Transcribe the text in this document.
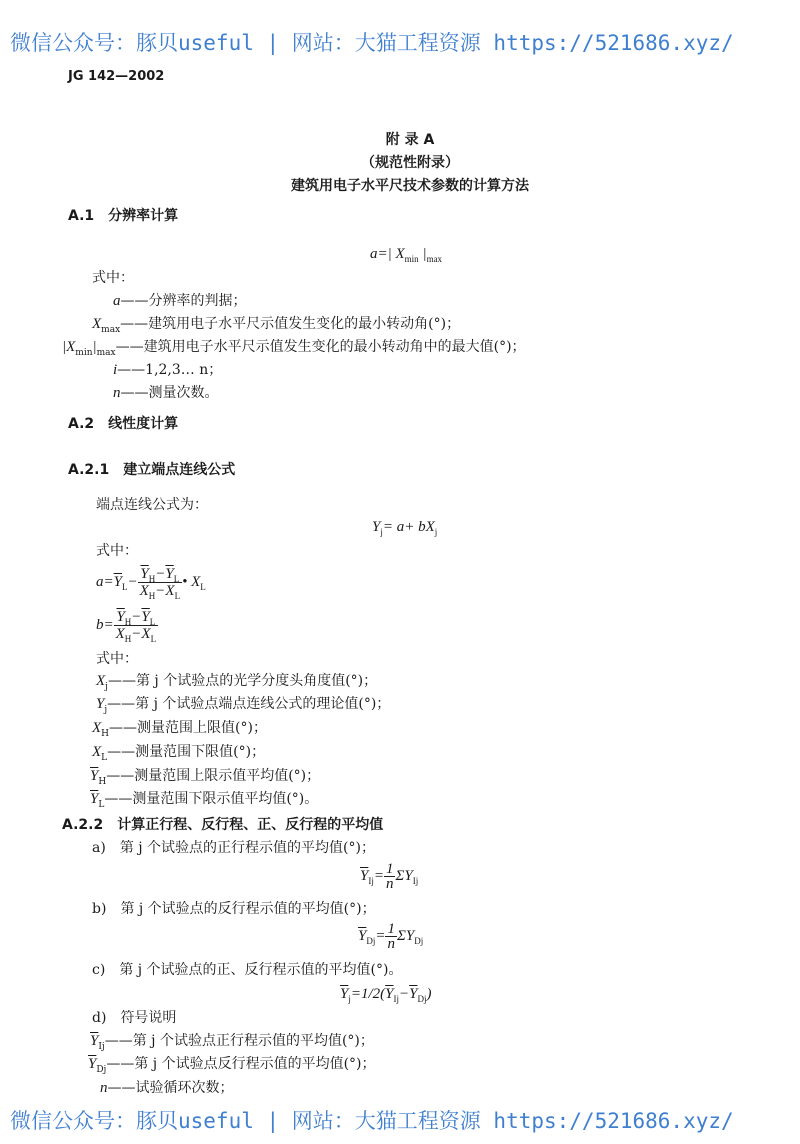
微信公众号：豚贝useful | 网站：大猫工程资源 https://521686.xyz/
JG 142—2002
附 录 A
（规范性附录）
建筑用电子水平尺技术参数的计算方法
A.1　分辨率计算
a=| $X_{min}$ $|_{max}$
式中：
a——分辨率的判据；
$X_{max}——$建筑用电子水平尺示值发生变化的最小转动角(°)；
$|X_{min}|_{max}——$建筑用电子水平尺示值发生变化的最小转动角中的最大值(°)；
i——1,2,3… n；
n——测量次数。
A.2　线性度计算
A.2.1　建立端点连线公式
端点连线公式为：
$Y_j= a+ bX_j$
式中：
$a=\overline{Y}_L- \frac{\overline{Y}_H-\overline{Y}_L}{X_H-X_L}$ • $X_L$
$b= \frac{\overline{Y}_H-\overline{Y}_L}{X_H-X_L}$
式中：
$X_j——$第 j 个试验点的光学分度头角度值(°)；
$Y_j——$第 j 个试验点端点连线公式的理论值(°)；
$X_H——$测量范围上限值(°)；
$X_L——$测量范围下限值(°)；
$\overline{Y}_H——$测量范围上限示值平均值(°)；
$\overline{Y}_L——$测量范围下限示值平均值(°)。
A.2.2　计算正行程、反行程、正、反行程的平均值
a)　 第 j 个试验点的正行程示值的平均值(°)；
$\overline{Y}_{Ij}= \frac{1}{n} \Sigma Y_{Ij}$
b)　 第 j 个试验点的反行程示值的平均值(°)；
$\overline{Y}_{Dj}= \frac{1}{n} \Sigma Y_{Dj}$
c)　 第 j 个试验点的正、反行程示值的平均值(°)。
$\overline{Y}_j=1/2(\overline{Y}_{Ij}-\overline{Y}_{Dj})$
d)　 符号说明
$\overline{Y}_{Ij}——$第 j 个试验点正行程示值的平均值(°)；
$\overline{Y}_{Dj}——$第 j 个试验点反行程示值的平均值(°)；
n——试验循环次数；
微信公众号：豚贝useful | 网站：大猫工程资源 https://521686.xyz/
